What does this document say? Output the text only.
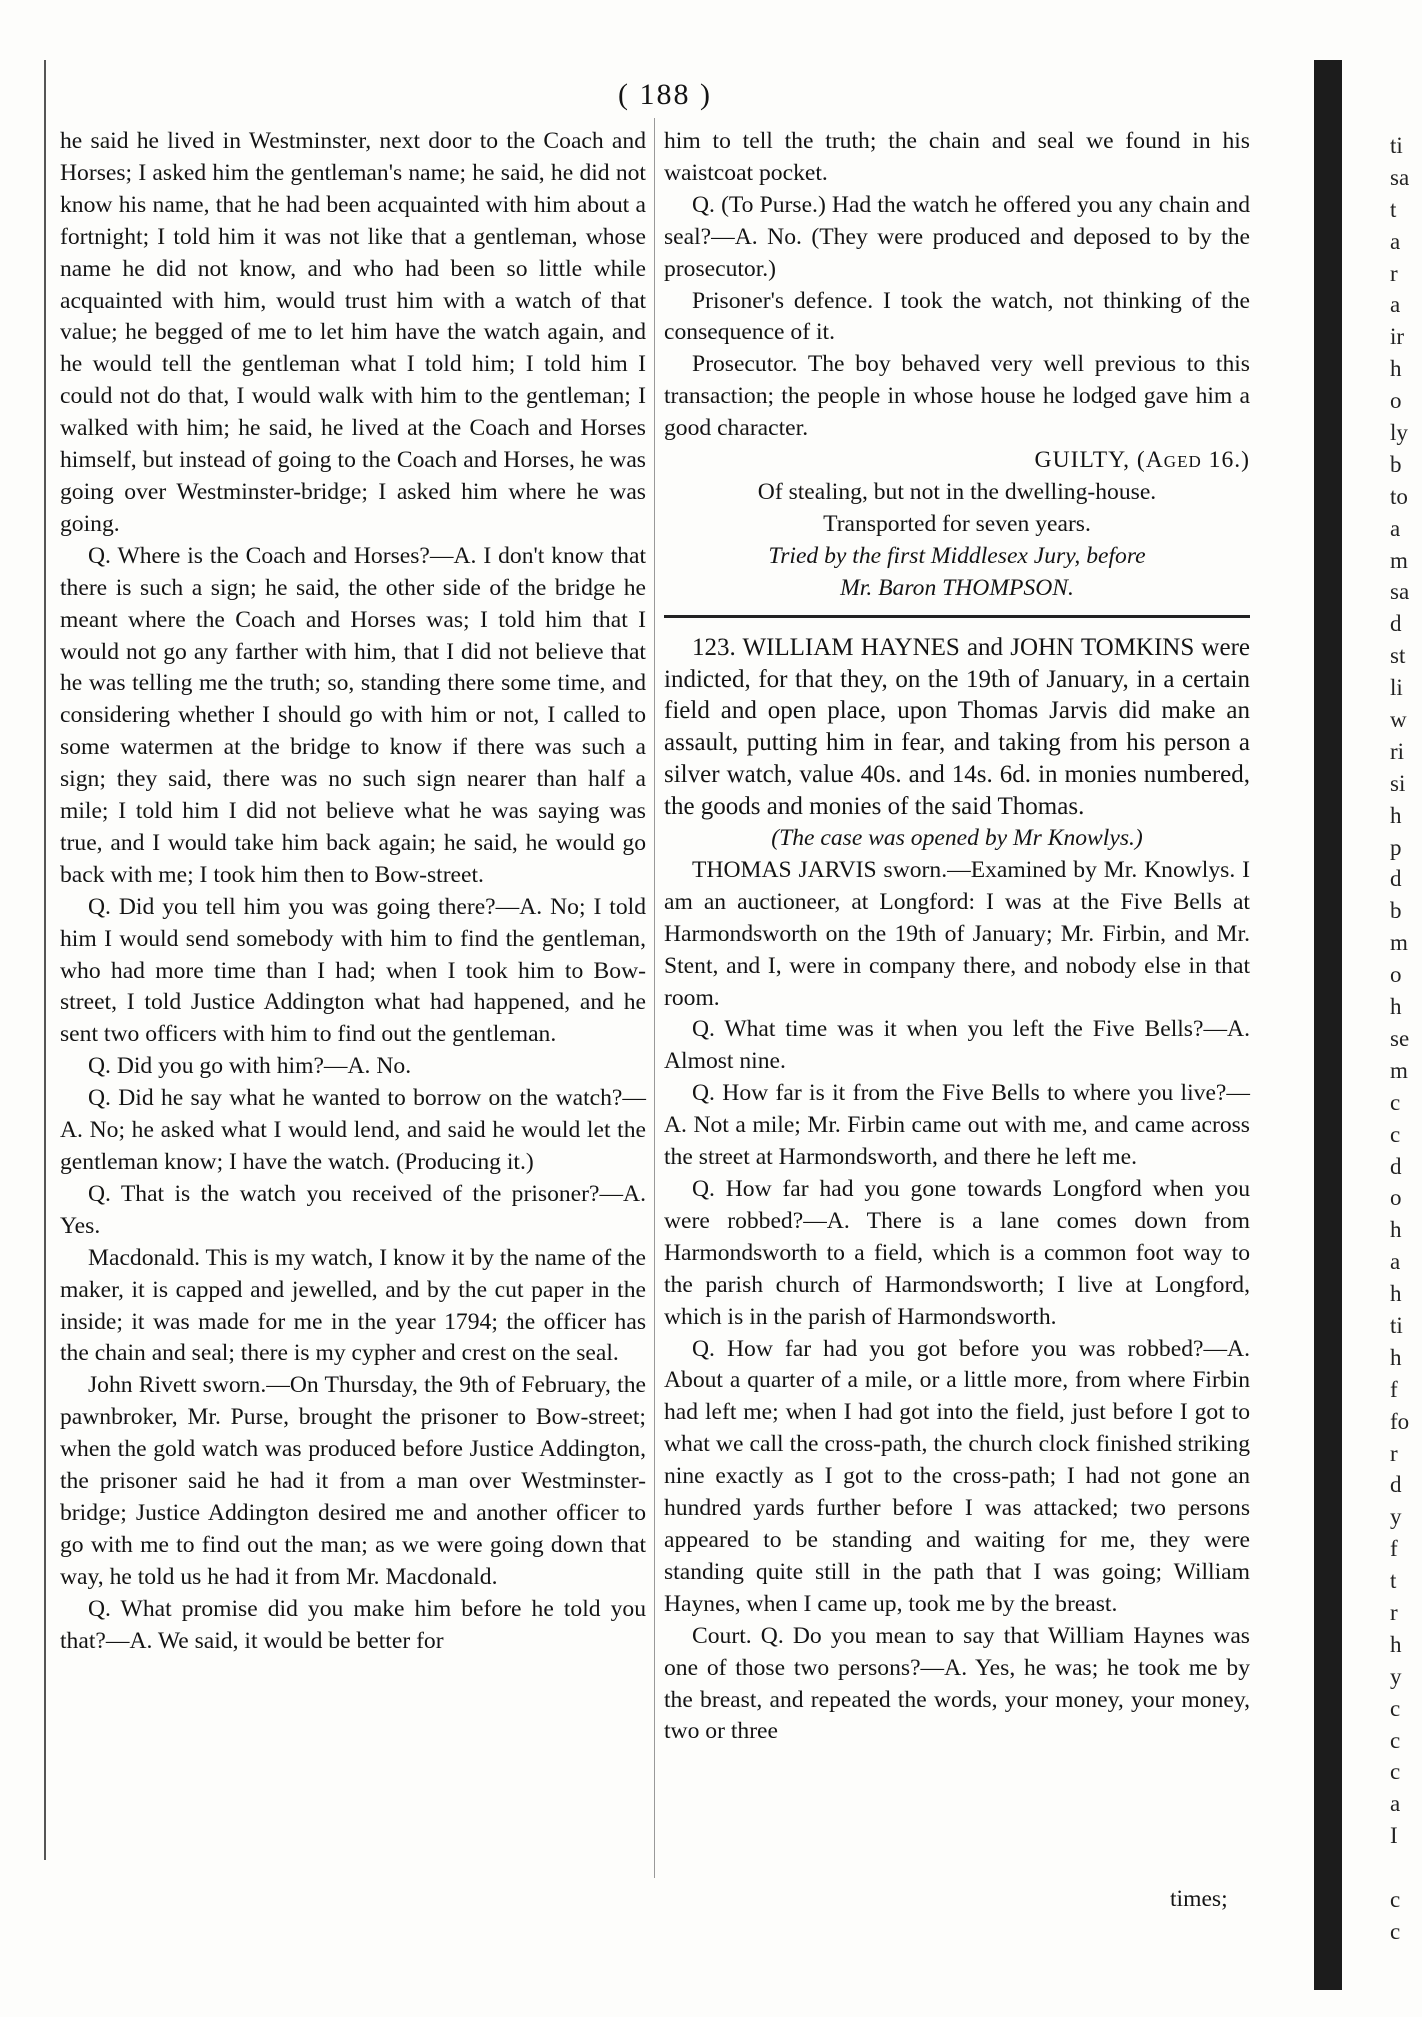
( 188 )

he said he lived in Westminster, next door to the Coach and Horses; I asked him the gentleman's name; he said, he did not know his name, that he had been acquainted with him about a fortnight; I told him it was not like that a gentleman, whose name he did not know, and who had been so little while acquainted with him, would trust him with a watch of that value; he begged of me to let him have the watch again, and he would tell the gentleman what I told him; I told him I could not do that, I would walk with him to the gentleman; I walked with him; he said, he lived at the Coach and Horses himself, but instead of going to the Coach and Horses, he was going over Westminster-bridge; I asked him where he was going.

Q. Where is the Coach and Horses?—A. I don't know that there is such a sign; he said, the other side of the bridge he meant where the Coach and Horses was; I told him that I would not go any farther with him, that I did not believe that he was telling me the truth; so, standing there some time, and considering whether I should go with him or not, I called to some watermen at the bridge to know if there was such a sign; they said, there was no such sign nearer than half a mile; I told him I did not believe what he was saying was true, and I would take him back again; he said, he would go back with me; I took him then to Bow-street.

Q. Did you tell him you was going there?—A. No; I told him I would send somebody with him to find the gentleman, who had more time than I had; when I took him to Bow-street, I told Justice Addington what had happened, and he sent two officers with him to find out the gentleman.

Q. Did you go with him?—A. No.

Q. Did he say what he wanted to borrow on the watch?—A. No; he asked what I would lend, and said he would let the gentleman know; I have the watch. (Producing it.)

Q. That is the watch you received of the prisoner?—A. Yes.

Macdonald. This is my watch, I know it by the name of the maker, it is capped and jewelled, and by the cut paper in the inside; it was made for me in the year 1794; the officer has the chain and seal; there is my cypher and crest on the seal.

John Rivett sworn.—On Thursday, the 9th of February, the pawnbroker, Mr. Purse, brought the prisoner to Bow-street; when the gold watch was produced before Justice Addington, the prisoner said he had it from a man over Westminster-bridge; Justice Addington desired me and another officer to go with me to find out the man; as we were going down that way, he told us he had it from Mr. Macdonald.

Q. What promise did you make him before he told you that?—A. We said, it would be better for

him to tell the truth; the chain and seal we found in his waistcoat pocket.

Q. (To Purse.) Had the watch he offered you any chain and seal?—A. No. (They were produced and deposed to by the prosecutor.)

Prisoner's defence. I took the watch, not thinking of the consequence of it.

Prosecutor. The boy behaved very well previous to this transaction; the people in whose house he lodged gave him a good character.

GUILTY, (Aged 16.)

Of stealing, but not in the dwelling-house.

Transported for seven years.

Tried by the first Middlesex Jury, before

Mr. Baron THOMPSON.

123. WILLIAM HAYNES and JOHN TOMKINS were indicted, for that they, on the 19th of January, in a certain field and open place, upon Thomas Jarvis did make an assault, putting him in fear, and taking from his person a silver watch, value 40s. and 14s. 6d. in monies numbered, the goods and monies of the said Thomas.

(The case was opened by Mr Knowlys.)

THOMAS JARVIS sworn.—Examined by Mr. Knowlys. I am an auctioneer, at Longford: I was at the Five Bells at Harmondsworth on the 19th of January; Mr. Firbin, and Mr. Stent, and I, were in company there, and nobody else in that room.

Q. What time was it when you left the Five Bells?—A. Almost nine.

Q. How far is it from the Five Bells to where you live?—A. Not a mile; Mr. Firbin came out with me, and came across the street at Harmondsworth, and there he left me.

Q. How far had you gone towards Longford when you were robbed?—A. There is a lane comes down from Harmondsworth to a field, which is a common foot way to the parish church of Harmondsworth; I live at Longford, which is in the parish of Harmondsworth.

Q. How far had you got before you was robbed?—A. About a quarter of a mile, or a little more, from where Firbin had left me; when I had got into the field, just before I got to what we call the cross-path, the church clock finished striking nine exactly as I got to the cross-path; I had not gone an hundred yards further before I was attacked; two persons appeared to be standing and waiting for me, they were standing quite still in the path that I was going; William Haynes, when I came up, took me by the breast.

Court. Q. Do you mean to say that William Haynes was one of those two persons?—A. Yes, he was; he took me by the breast, and repeated the words, your money, your money, two or three

times;
ti
sa
t
a
r
a
ir
h
o
ly
b
to
a
m
sa
d
st
li
w
ri
si
h
p
d
b
m
o
h
se
m
c
c
d
o
h
a
h
ti
h
f
fo
r
d
y
f
t
r
h
y
c
c
c
a
I
c
c
